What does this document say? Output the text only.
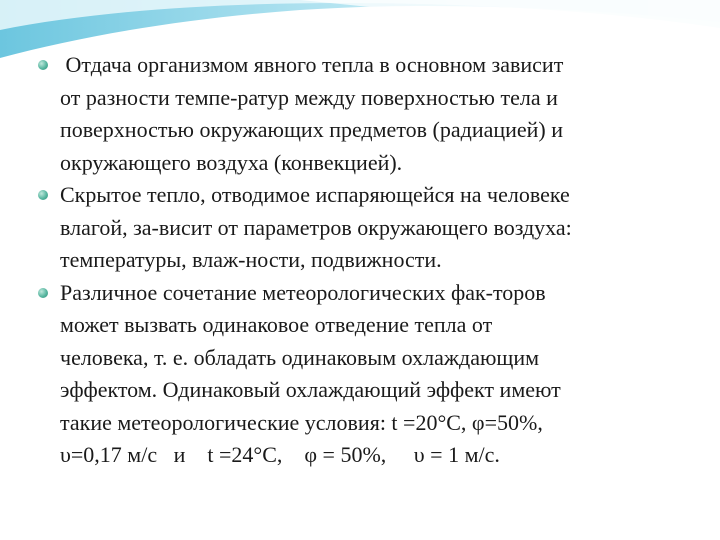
Отдача организмом явного тепла в основном зависит
от разности темпе-ратур между поверхностью тела и
поверхностью окружающих предметов (радиацией) и
окружающего воздуха (конвекцией).
Скрытое тепло, отводимое испаряющейся на человеке
влагой, за-висит от параметров окружающего воздуха:
температуры, влаж-ности, подвижности.
Различное сочетание метеорологических фак-торов
может вызвать одинаковое отведение тепла от
человека, т. е. обладать одинаковым охлаждающим
эффектом. Одинаковый охлаждающий эффект имеют
такие метеорологические условия: t =20°С, φ=50%,
υ=0,17 м/с   и    t =24°С,    φ = 50%,     υ = 1 м/с.
